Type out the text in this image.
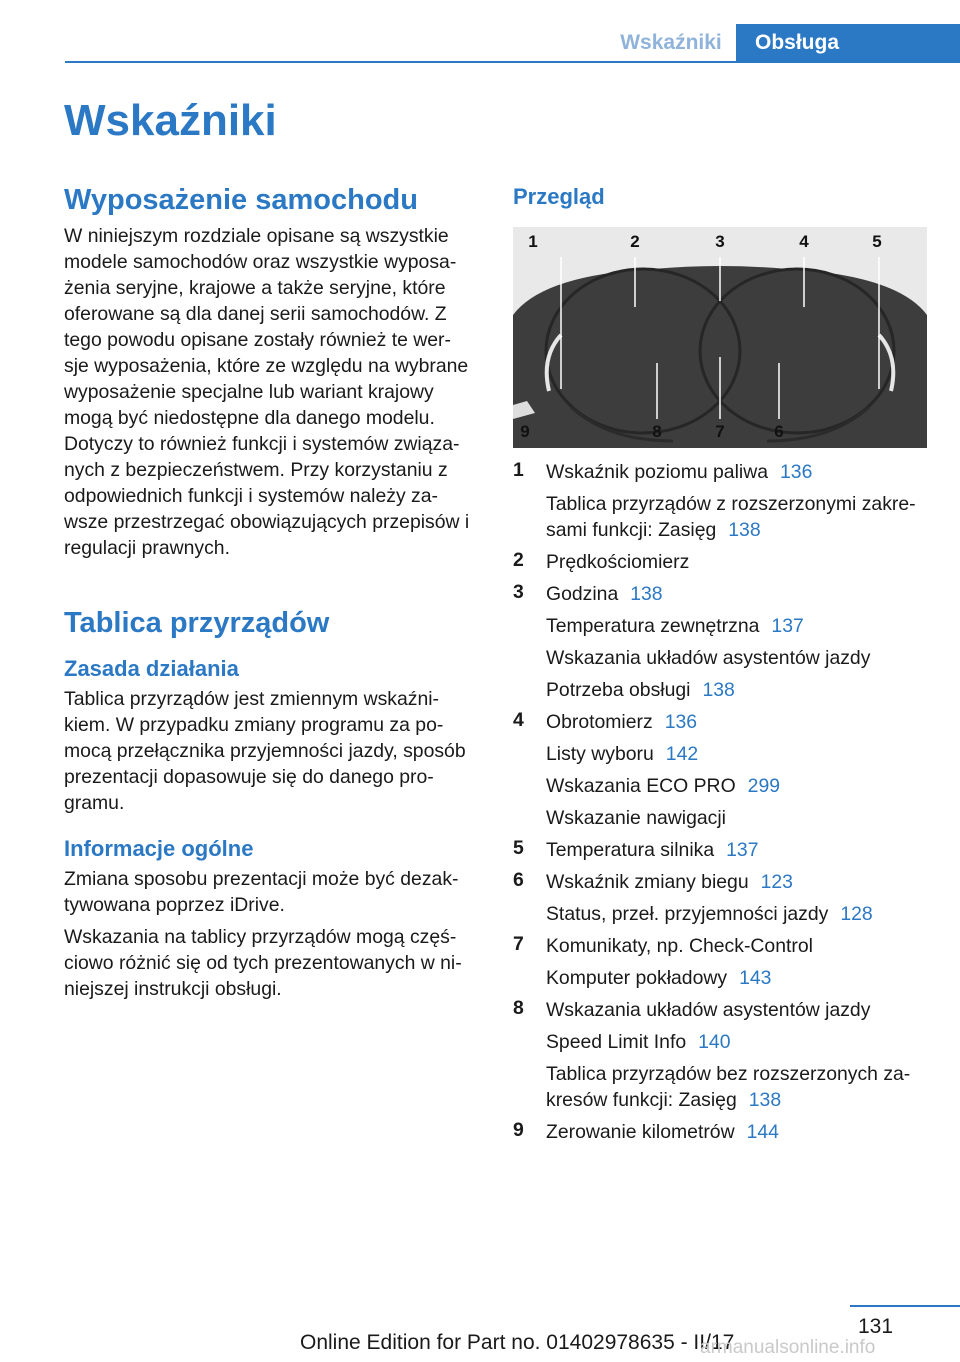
Wskaźniki	Obsługa
Wskaźniki
Wyposażenie samochodu

W niniejszym rozdziale opisane są wszystkie
modele samochodów oraz wszystkie wyposa‐
żenia seryjne, krajowe a także seryjne, które
oferowane są dla danej serii samochodów. Z
tego powodu opisane zostały również te wer‐
sje wyposażenia, które ze względu na wybrane
wyposażenie specjalne lub wariant krajowy
mogą być niedostępne dla danego modelu.
Dotyczy to również funkcji i systemów związa‐
nych z bezpieczeństwem. Przy korzystaniu z
odpowiednich funkcji i systemów należy za‐
wsze przestrzegać obowiązujących przepisów i
regulacji prawnych.

Tablica przyrządów
Zasada działania

Tablica przyrządów jest zmiennym wskaźni‐
kiem. W przypadku zmiany programu za po‐
mocą przełącznika przyjemności jazdy, sposób
prezentacji dopasowuje się do danego pro‐
gramu.

Informacje ogólne

Zmiana sposobu prezentacji może być dezak‐
tywowana poprzez iDrive.

Wskazania na tablicy przyrządów mogą częś‐
ciowo różnić się od tych prezentowanych w ni‐
niejszej instrukcji obsługi.

Przegląd
1	2	3	4	5
9	8	7	6
1	Wskaźnik poziomu paliwa 136
Tablica przyrządów z rozszerzonymi zakre‐
sami funkcji: Zasięg 138
2	Prędkościomierz
3	Godzina 138
Temperatura zewnętrzna 137
Wskazania układów asystentów jazdy
Potrzeba obsługi 138
4	Obrotomierz 136
Listy wyboru 142
Wskazania ECO PRO 299
Wskazanie nawigacji
5	Temperatura silnika 137
6	Wskaźnik zmiany biegu 123
Status, przeł. przyjemności jazdy 128
7	Komunikaty, np. Check-Control
Komputer pokładowy 143
8	Wskazania układów asystentów jazdy
Speed Limit Info 140
Tablica przyrządów bez rozszerzonych za‐
kresów funkcji: Zasięg 138
9	Zerowanie kilometrów 144
131
Online Edition for Part no. 01402978635 - II/17
armanualsonline.info
